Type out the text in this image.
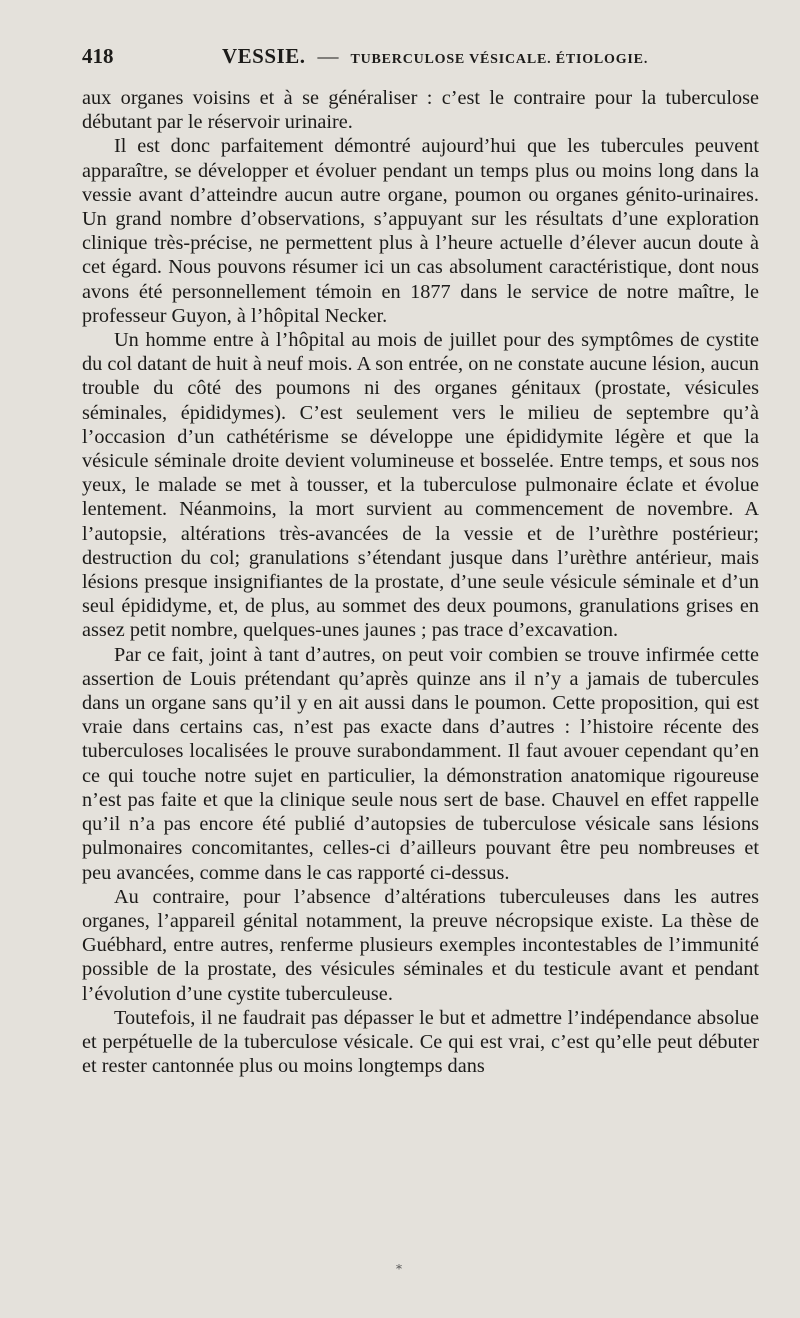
418	VESSIE. — TUBERCULOSE VÉSICALE. ÉTIOLOGIE.

aux organes voisins et à se généraliser : c’est le contraire pour la tuberculose débutant par le réservoir urinaire.

Il est donc parfaitement démontré aujourd’hui que les tubercules peuvent apparaître, se développer et évoluer pendant un temps plus ou moins long dans la vessie avant d’atteindre aucun autre organe, poumon ou organes génito-urinaires. Un grand nombre d’observations, s’appuyant sur les résultats d’une exploration clinique très-précise, ne permettent plus à l’heure actuelle d’élever aucun doute à cet égard. Nous pouvons résumer ici un cas absolument caractéristique, dont nous avons été personnellement témoin en 1877 dans le service de notre maître, le professeur Guyon, à l’hôpital Necker.

Un homme entre à l’hôpital au mois de juillet pour des symptômes de cystite du col datant de huit à neuf mois. A son entrée, on ne constate aucune lésion, aucun trouble du côté des poumons ni des organes génitaux (prostate, vésicules séminales, épididymes). C’est seulement vers le milieu de septembre qu’à l’occasion d’un cathétérisme se développe une épididymite légère et que la vésicule séminale droite devient volumineuse et bosselée. Entre temps, et sous nos yeux, le malade se met à tousser, et la tuberculose pulmonaire éclate et évolue lentement. Néanmoins, la mort survient au commencement de novembre. A l’autopsie, altérations très-avancées de la vessie et de l’urèthre postérieur; destruction du col; granulations s’étendant jusque dans l’urèthre antérieur, mais lésions presque insignifiantes de la prostate, d’une seule vésicule séminale et d’un seul épididyme, et, de plus, au sommet des deux poumons, granulations grises en assez petit nombre, quelques-unes jaunes ; pas trace d’excavation.

Par ce fait, joint à tant d’autres, on peut voir combien se trouve infirmée cette assertion de Louis prétendant qu’après quinze ans il n’y a jamais de tubercules dans un organe sans qu’il y en ait aussi dans le poumon. Cette proposition, qui est vraie dans certains cas, n’est pas exacte dans d’autres : l’histoire récente des tuberculoses localisées le prouve surabondamment. Il faut avouer cependant qu’en ce qui touche notre sujet en particulier, la démonstration anatomique rigoureuse n’est pas faite et que la clinique seule nous sert de base. Chauvel en effet rappelle qu’il n’a pas encore été publié d’autopsies de tuberculose vésicale sans lésions pulmonaires concomitantes, celles-ci d’ailleurs pouvant être peu nombreuses et peu avancées, comme dans le cas rapporté ci-dessus.

Au contraire, pour l’absence d’altérations tuberculeuses dans les autres organes, l’appareil génital notamment, la preuve nécropsique existe. La thèse de Guébhard, entre autres, renferme plusieurs exemples incontestables de l’immunité possible de la prostate, des vésicules séminales et du testicule avant et pendant l’évolution d’une cystite tuberculeuse.

Toutefois, il ne faudrait pas dépasser le but et admettre l’indépendance absolue et perpétuelle de la tuberculose vésicale. Ce qui est vrai, c’est qu’elle peut débuter et rester cantonnée plus ou moins longtemps dans

*
